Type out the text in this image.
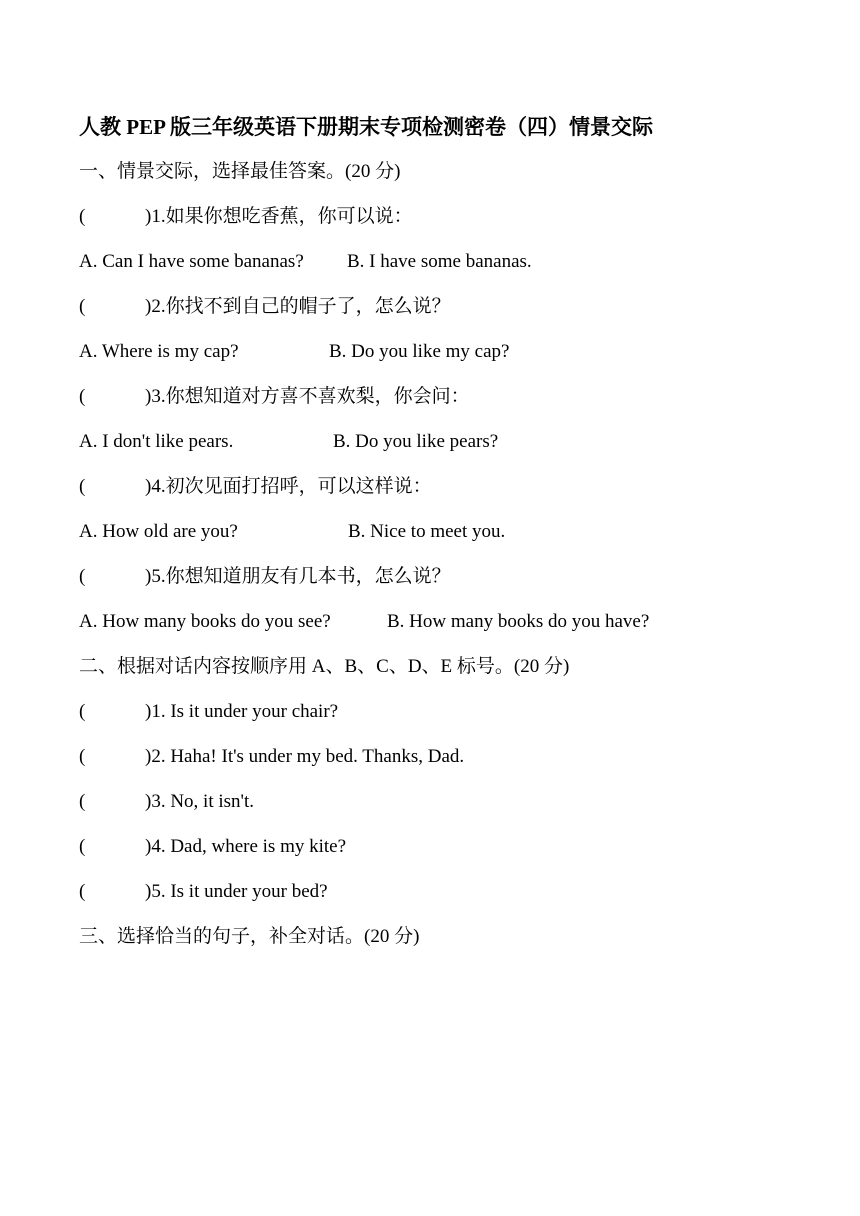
人教 PEP 版三年级英语下册期末专项检测密卷（四）情景交际
一、情景交际，选择最佳答案。(20 分)
(	)1.如果你想吃香蕉，你可以说：
A. Can I have some bananas? B. I have some bananas.
(	)2.你找不到自己的帽子了，怎么说？
A. Where is my cap?	B. Do you like my cap?
(	)3.你想知道对方喜不喜欢梨，你会问：
A. I don't like pears.	B. Do you like pears?
(	)4.初次见面打招呼，可以这样说：
A. How old are you?	B. Nice to meet you.
(	)5.你想知道朋友有几本书，怎么说？
A. How many books do you see?	B. How many books do you have?
二、根据对话内容按顺序用 A、B、C、D、E 标号。(20 分)
(	)1. Is it under your chair?
(	)2. Haha! It's under my bed. Thanks, Dad.
(	)3. No, it isn't.
(	)4. Dad, where is my kite?
(	)5. Is it under your bed?
三、选择恰当的句子，补全对话。(20 分)
